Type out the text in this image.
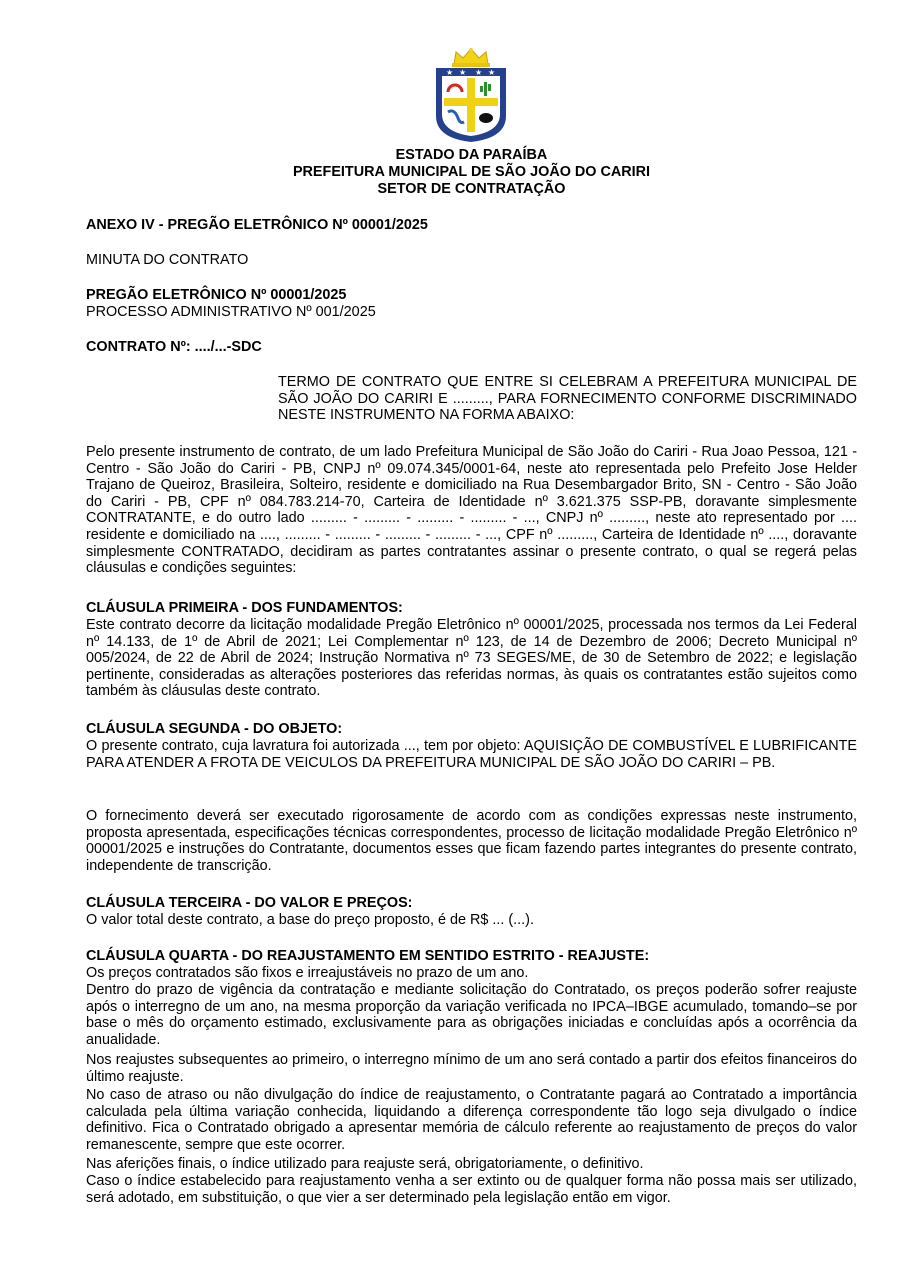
★ ★ ★ ★
ESTADO DA PARAÍBA
PREFEITURA MUNICIPAL DE SÃO JOÃO DO CARIRI
SETOR DE CONTRATAÇÃO
ANEXO IV - PREGÃO ELETRÔNICO Nº 00001/2025
MINUTA DO CONTRATO
PREGÃO ELETRÔNICO Nº 00001/2025
PROCESSO ADMINISTRATIVO Nº 001/2025
CONTRATO Nº: ..../...-SDC
TERMO DE CONTRATO QUE ENTRE SI CELEBRAM A PREFEITURA MUNICIPAL DE SÃO JOÃO DO CARIRI E ........., PARA FORNECIMENTO CONFORME DISCRIMINADO NESTE INSTRUMENTO NA FORMA ABAIXO:
Pelo presente instrumento de contrato, de um lado Prefeitura Municipal de São João do Cariri - Rua Joao Pessoa, 121 - Centro - São João do Cariri - PB, CNPJ nº 09.074.345/0001-64, neste ato representada pelo Prefeito Jose Helder Trajano de Queiroz, Brasileira, Solteiro, residente e domiciliado na Rua Desembargador Brito, SN - Centro - São João do Cariri - PB, CPF nº 084.783.214-70, Carteira de Identidade nº 3.621.375 SSP-PB, doravante simplesmente CONTRATANTE, e do outro lado ......... - ......... - ......... - ......... - ..., CNPJ nº ........., neste ato representado por .... residente e domiciliado na ...., ......... - ......... - ......... - ......... - ..., CPF nº ........., Carteira de Identidade nº ...., doravante simplesmente CONTRATADO, decidiram as partes contratantes assinar o presente contrato, o qual se regerá pelas cláusulas e condições seguintes:
CLÁUSULA PRIMEIRA - DOS FUNDAMENTOS:
Este contrato decorre da licitação modalidade Pregão Eletrônico nº 00001/2025, processada nos termos da Lei Federal nº 14.133, de 1º de Abril de 2021; Lei Complementar nº 123, de 14 de Dezembro de 2006; Decreto Municipal nº 005/2024, de 22 de Abril de 2024; Instrução Normativa nº 73 SEGES/ME, de 30 de Setembro de 2022; e legislação pertinente, consideradas as alterações posteriores das referidas normas, às quais os contratantes estão sujeitos como também às cláusulas deste contrato.
CLÁUSULA SEGUNDA - DO OBJETO:
O presente contrato, cuja lavratura foi autorizada ..., tem por objeto: AQUISIÇÃO DE COMBUSTÍVEL E LUBRIFICANTE PARA ATENDER A FROTA DE VEICULOS DA PREFEITURA MUNICIPAL DE SÃO JOÃO DO CARIRI – PB.
O fornecimento deverá ser executado rigorosamente de acordo com as condições expressas neste instrumento, proposta apresentada, especificações técnicas correspondentes, processo de licitação modalidade Pregão Eletrônico nº 00001/2025 e instruções do Contratante, documentos esses que ficam fazendo partes integrantes do presente contrato, independente de transcrição.
CLÁUSULA TERCEIRA - DO VALOR E PREÇOS:
O valor total deste contrato, a base do preço proposto, é de R$ ... (...).
CLÁUSULA QUARTA - DO REAJUSTAMENTO EM SENTIDO ESTRITO - REAJUSTE:
Os preços contratados são fixos e irreajustáveis no prazo de um ano.
Dentro do prazo de vigência da contratação e mediante solicitação do Contratado, os preços poderão sofrer reajuste após o interregno de um ano, na mesma proporção da variação verificada no IPCA–IBGE acumulado, tomando–se por base o mês do orçamento estimado, exclusivamente para as obrigações iniciadas e concluídas após a ocorrência da anualidade.
Nos reajustes subsequentes ao primeiro, o interregno mínimo de um ano será contado a partir dos efeitos financeiros do último reajuste.
No caso de atraso ou não divulgação do índice de reajustamento, o Contratante pagará ao Contratado a importância calculada pela última variação conhecida, liquidando a diferença correspondente tão logo seja divulgado o índice definitivo. Fica o Contratado obrigado a apresentar memória de cálculo referente ao reajustamento de preços do valor remanescente, sempre que este ocorrer.
Nas aferições finais, o índice utilizado para reajuste será, obrigatoriamente, o definitivo.
Caso o índice estabelecido para reajustamento venha a ser extinto ou de qualquer forma não possa mais ser utilizado, será adotado, em substituição, o que vier a ser determinado pela legislação então em vigor.
